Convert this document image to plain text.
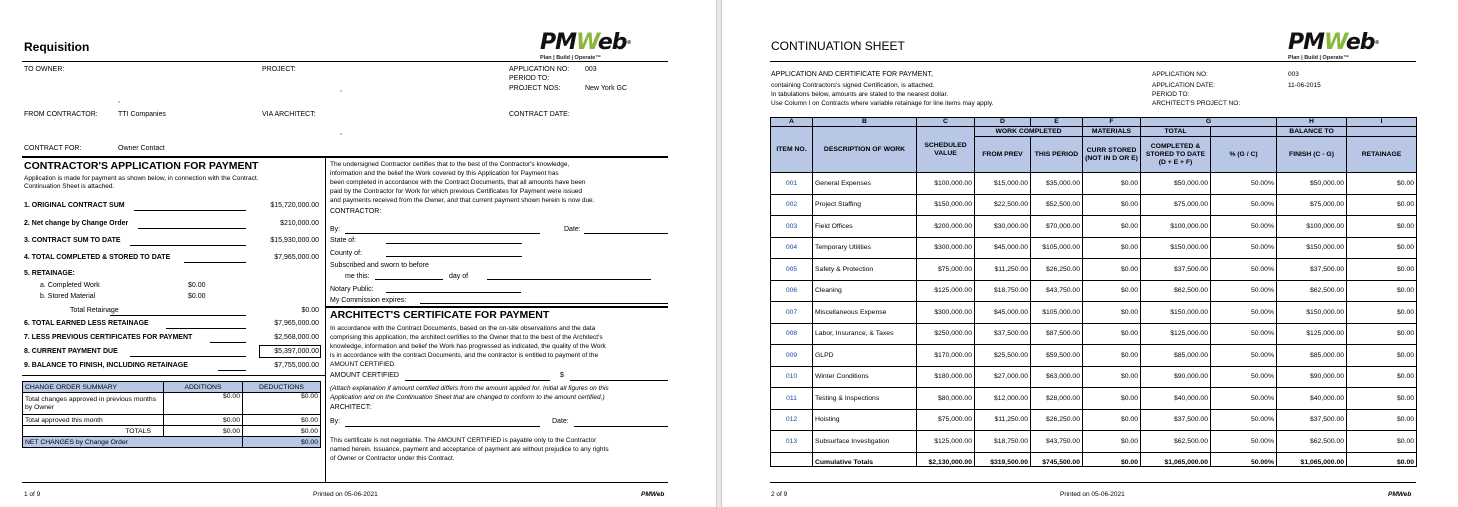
Requisition	PMWeb®
Plan | Build | Operate™
TO OWNER:	PROJECT:
,
APPLICATION NO: 003
PERIOD TO:
PROJECT NOS:	New York GC
,
FROM CONTRACTOR:	TTI Companies	VIA ARCHITECT:	CONTRACT DATE:
,
CONTRACT FOR:	Owner Contact
CONTRACTOR'S APPLICATION FOR PAYMENT
Application is made for payment as shown below, in connection with the Contract.
Continuation Sheet is attached.
1. ORIGINAL CONTRACT SUM	$15,720,000.00
2. Net change by Change Order	$210,000.00
3. CONTRACT SUM TO DATE	$15,930,000.00
4. TOTAL COMPLETED & STORED TO DATE	$7,965,000.00
5. RETAINAGE:
a. Completed Work	$0.00
b. Stored Material	$0.00
Total Retainage	$0.00
6. TOTAL EARNED LESS RETAINAGE	$7,965,000.00
7. LESS PREVIOUS CERTIFICATES FOR PAYMENT	$2,568,000.00
8. CURRENT PAYMENT DUE	$5,397,000.00
9. BALANCE TO FINISH, INCLUDING RETAINAGE	$7,755,000.00
CHANGE ORDER SUMMARY	ADDITIONS	DEDUCTIONS
Total changes approved in previous months by Owner	$0.00	$0.00
Total approved this month	$0.00	$0.00
TOTALS	$0.00	$0.00
NET CHANGES by Change Order		$0.00
The undersigned Contractor certifies that to the best of the Contractor's knowledge,
information and the belief the Work covered by this Application for Payment has
been completed in accordance with the Contract Documents, that all amounts have been
paid by the Contractor for Work for which previous Certificates for Payment were issued
and payments received from the Owner, and that current payment shown herein is now due.
CONTRACTOR:
By:	Date:
State of:
County of:
Subscribed and sworn to before
me this:	day of
Notary Public:
My Commission expires:
ARCHITECT'S CERTIFICATE FOR PAYMENT
In accordance with the Contract Documents, based on the on-site observations and the data
comprising this application, the architect certifies to the Owner that to the best of the Architect's
knowledge, information and belief the Work has progressed as indicated, the quality of the Work
is in accordance with the contract Documents, and the contractor is entitled to payment of the
AMOUNT CERTIFIED.
AMOUNT CERTIFIED	$
(Attach explanation if amount certified differs from the amount applied for. Initial all figures on this
Application and on the Continuation Sheet that are changed to conform to the amount certified.)
ARCHITECT:
By:	Date:
This certificate is not negotiable. The AMOUNT CERTIFIED is payable only to the Contractor
named herein. Issuance, payment and acceptance of payment are without prejudice to any rights
of Owner or Contractor under this Contract.
1 of 9	Printed on 05-06-2021	PMWeb
CONTINUATION SHEET	PMWeb®
Plan | Build | Operate™
APPLICATION AND CERTIFICATE FOR PAYMENT,
containing Contractors's signed Certification, is attached.
In tabulations below, amounts are stated to the nearest dollar.
Use Column I on Contracts where variable retainage for line items may apply.
APPLICATION NO:	003
APPLICATION DATE:	11-06-2015
PERIOD TO:
ARCHITECT'S PROJECT NO:
A	B	C	D	E	F	G		H	I
ITEM NO.	DESCRIPTION OF WORK	SCHEDULED VALUE	WORK COMPLETED		MATERIALS	TOTAL		BALANCE TO	
			FROM PREV	THIS PERIOD	CURR STORED (NOT IN D OR E)	COMPLETED & STORED TO DATE (D + E + F)	% (G / C)	FINISH (C - G)	RETAINAGE
001	General Expenses	$100,000.00	$15,000.00	$35,000.00	$0.00	$50,000.00	50.00%	$50,000.00	$0.00
002	Project Staffing	$150,000.00	$22,500.00	$52,500.00	$0.00	$75,000.00	50.00%	$75,000.00	$0.00
003	Field Offices	$200,000.00	$30,000.00	$70,000.00	$0.00	$100,000.00	50.00%	$100,000.00	$0.00
004	Temporary Utilities	$300,000.00	$45,000.00	$105,000.00	$0.00	$150,000.00	50.00%	$150,000.00	$0.00
005	Safety & Protection	$75,000.00	$11,250.00	$26,250.00	$0.00	$37,500.00	50.00%	$37,500.00	$0.00
006	Cleaning	$125,000.00	$18,750.00	$43,750.00	$0.00	$62,500.00	50.00%	$62,500.00	$0.00
007	Miscellaneous Expense	$300,000.00	$45,000.00	$105,000.00	$0.00	$150,000.00	50.00%	$150,000.00	$0.00
008	Labor, Insurance, & Taxes	$250,000.00	$37,500.00	$87,500.00	$0.00	$125,000.00	50.00%	$125,000.00	$0.00
009	GLPD	$170,000.00	$25,500.00	$59,500.00	$0.00	$85,000.00	50.00%	$85,000.00	$0.00
010	Winter Conditions	$180,000.00	$27,000.00	$63,000.00	$0.00	$90,000.00	50.00%	$90,000.00	$0.00
011	Testing & Inspections	$80,000.00	$12,000.00	$28,000.00	$0.00	$40,000.00	50.00%	$40,000.00	$0.00
012	Hoisting	$75,000.00	$11,250.00	$26,250.00	$0.00	$37,500.00	50.00%	$37,500.00	$0.00
013	Subsurface Investigation	$125,000.00	$18,750.00	$43,750.00	$0.00	$62,500.00	50.00%	$62,500.00	$0.00
	Cumulative Totals	$2,130,000.00	$319,500.00	$745,500.00	$0.00	$1,065,000.00	50.00%	$1,065,000.00	$0.00
2 of 9	Printed on 05-06-2021	PMWeb
